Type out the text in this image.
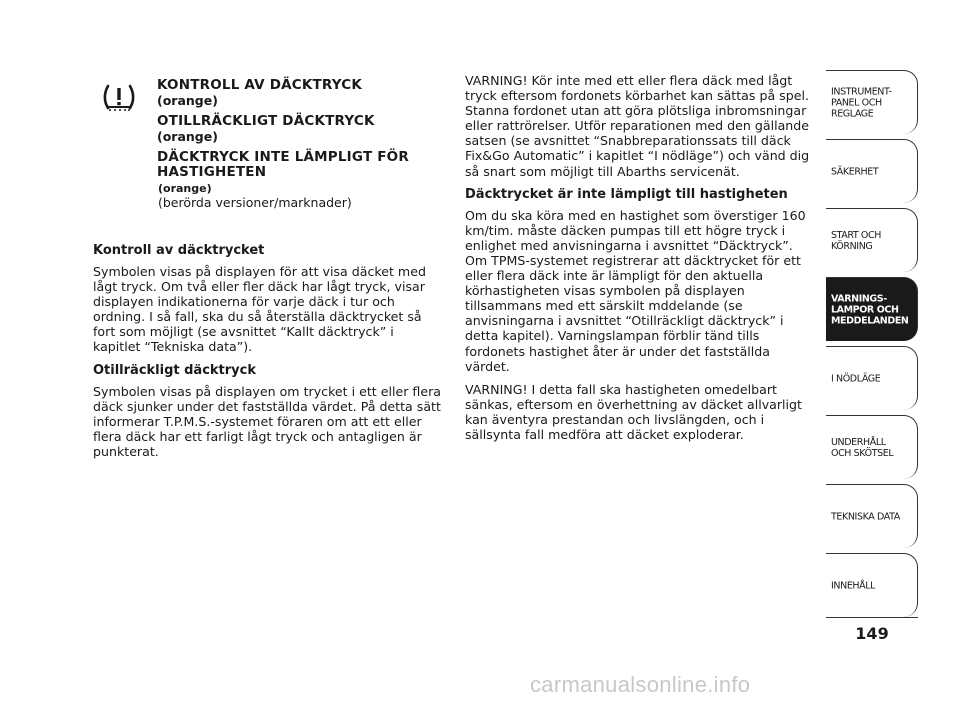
KONTROLL AV DÄCKTRYCK

(orange)

OTILLRÄCKLIGT DÄCKTRYCK

(orange)

DÄCKTRYCK INTE LÄMPLIGT FÖR HASTIGHETEN

(orange)

(berörda versioner/marknader)

Kontroll av däcktrycket

Symbolen visas på displayen för att visa däcket med lågt tryck. Om två eller fler däck har lågt tryck, visar displayen indikationerna för varje däck i tur och ordning. I så fall, ska du så återställa däcktrycket så fort som möjligt (se avsnittet “Kallt däcktryck” i kapitlet “Tekniska data”).

Otillräckligt däcktryck

Symbolen visas på displayen om trycket i ett eller flera däck sjunker under det fastställda värdet. På detta sätt informerar T.P.M.S.-systemet föraren om att ett eller flera däck har ett farligt lågt tryck och antagligen är punkterat.

VARNING! Kör inte med ett eller flera däck med lågt tryck eftersom fordonets körbarhet kan sättas på spel. Stanna fordonet utan att göra plötsliga inbromsningar eller rattrörelser. Utför reparationen med den gällande satsen (se avsnittet “Snabbreparationssats till däck Fix&Go Automatic” i kapitlet “I nödläge”) och vänd dig så snart som möjligt till Abarths servicenät.

Däcktrycket är inte lämpligt till hastigheten

Om du ska köra med en hastighet som överstiger 160 km/tim. måste däcken pumpas till ett högre tryck i enlighet med anvisningarna i avsnittet “Däcktryck”.

Om TPMS-systemet registrerar att däcktrycket för ett eller flera däck inte är lämpligt för den aktuella körhastigheten visas symbolen på displayen tillsammans med ett särskilt mddelande (se anvisningarna i avsnittet “Otillräckligt däcktryck” i detta kapitel). Varningslampan förblir tänd tills fordonets hastighet åter är under det fastställda värdet.

VARNING! I detta fall ska hastigheten omedelbart sänkas, eftersom en överhettning av däcket allvarligt kan äventyra prestandan och livslängden, och i sällsynta fall medföra att däcket exploderar.

INSTRUMENT-
PANEL OCH
REGLAGE
SÄKERHET
START OCH
KÖRNING
VARNINGS-
LAMPOR OCH
MEDDELANDEN
I NÖDLÄGE
UNDERHÅLL
OCH SKÖTSEL
TEKNISKA DATA
INNEHÅLL
149
carmanualsonline.info
